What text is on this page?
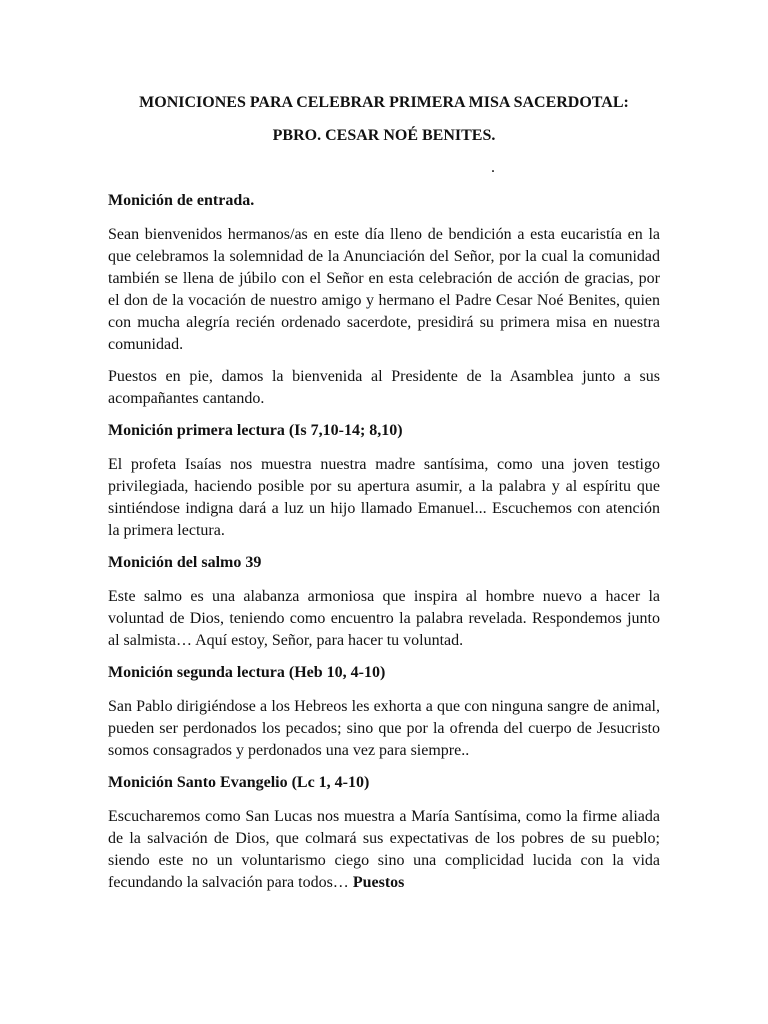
MONICIONES PARA CELEBRAR PRIMERA MISA SACERDOTAL:
PBRO. CESAR NOÉ BENITES.
.
Monición de entrada.

Sean bienvenidos hermanos/as en este día lleno de bendición a esta eucaristía en la que celebramos la solemnidad de la Anunciación del Señor, por la cual la comunidad también se llena de júbilo con el Señor en esta celebración de acción de gracias, por el don de la vocación de nuestro amigo y hermano el Padre Cesar Noé Benites, quien con mucha alegría recién ordenado sacerdote, presidirá su primera misa en nuestra comunidad.

Puestos en pie, damos la bienvenida al Presidente de la Asamblea junto a sus acompañantes cantando.

Monición primera lectura (Is 7,10-14; 8,10)

El profeta Isaías nos muestra nuestra madre santísima, como una joven testigo privilegiada, haciendo posible por su apertura asumir, a la palabra y al espíritu que sintiéndose indigna dará a luz un hijo llamado Emanuel... Escuchemos con atención la primera lectura.

Monición del salmo 39

Este salmo es una alabanza armoniosa que inspira al hombre nuevo a hacer la voluntad de Dios, teniendo como encuentro la palabra revelada. Respondemos junto al salmista… Aquí estoy, Señor, para hacer tu voluntad.

Monición segunda lectura (Heb 10, 4-10)

San Pablo dirigiéndose a los Hebreos les exhorta a que con ninguna sangre de animal, pueden ser perdonados los pecados; sino que por la ofrenda del cuerpo de Jesucristo somos consagrados y perdonados una vez para siempre..

Monición Santo Evangelio (Lc 1, 4-10)

Escucharemos como San Lucas nos muestra a María Santísima, como la firme aliada de la salvación de Dios, que colmará sus expectativas de los pobres de su pueblo; siendo este no un voluntarismo ciego sino una complicidad lucida con la vida fecundando la salvación para todos… Puestos
